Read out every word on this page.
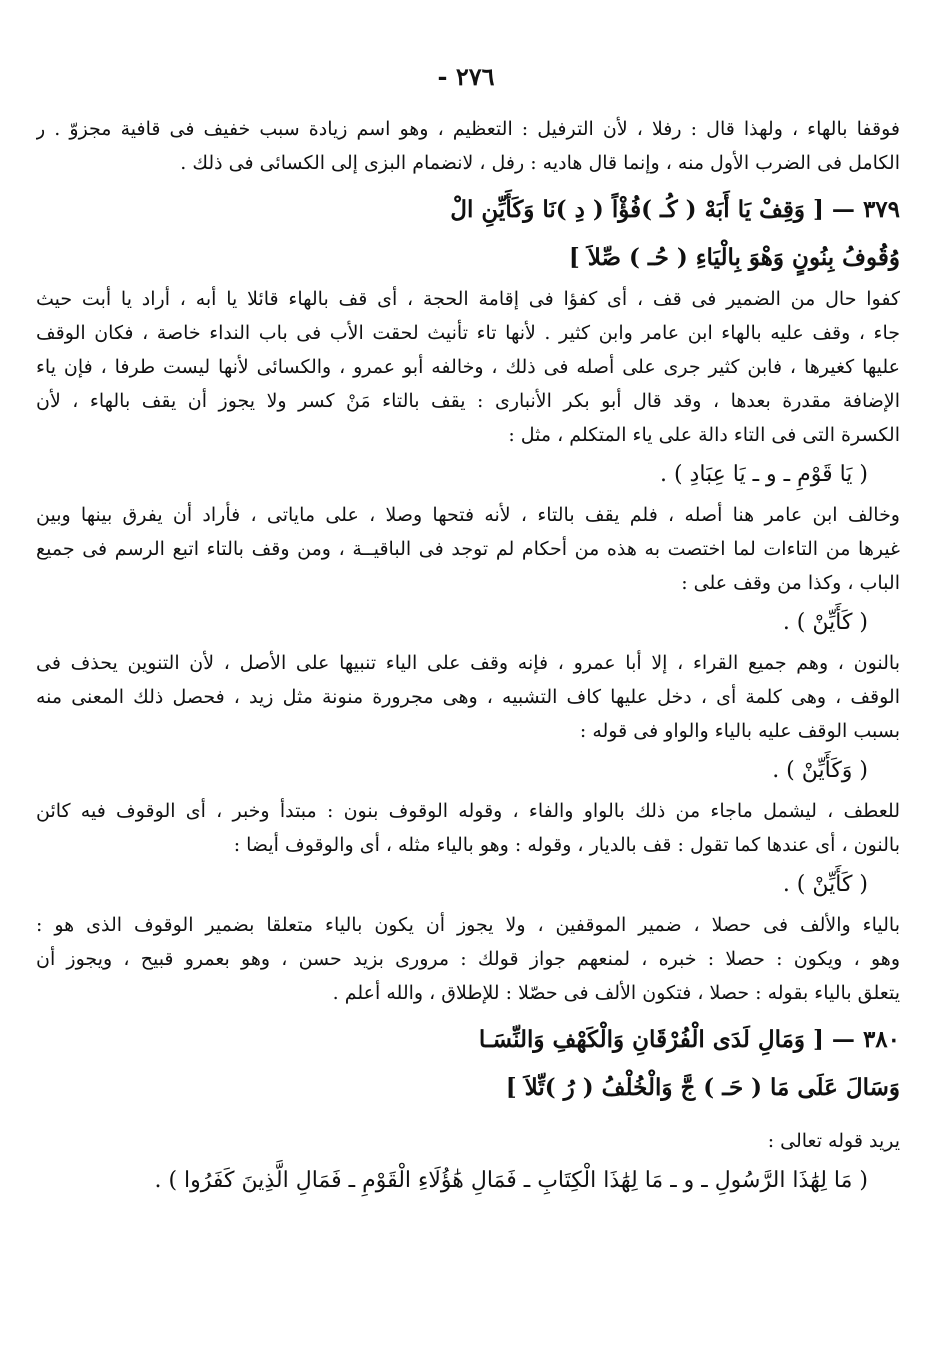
- ٢٧٦
فوقفا بالهاء ، ولهذا قال : رفلا ، لأن الترفيل : التعظيم ، وهو اسم زيادة سبب خفيف فى قافية مجزوّ . ر
الكامل فى الضرب الأول منه ، وإنما قال هاديه : رفل ، لانضمام البزى إلى الكسائى فى ذلك .
٣٧٩ — [ وَقِفْ يَا أَبَهْ ( كُـ )فُؤْاً ( دِ )نَا وَكَأَيِّنِ الْ
وُقُوفُ بِنُونٍ وَهْوَ بِالْيَاءِ ( حُـ ) صِّلاَ ]
كفوا حال من الضمير فى قف ، أى كفؤا فى إقامة الحجة ، أى قف بالهاء قائلا يا أبه ، أراد يا أبت حيث
جاء ، وقف عليه بالهاء ابن عامر وابن كثير . لأنها تاء تأنيث لحقت الأب فى باب النداء خاصة ، فكان الوقف
عليها كغيرها ، فابن كثير جرى على أصله فى ذلك ، وخالفه أبو عمرو ، والكسائى لأنها ليست طرفا ، فإن ياء
الإضافة مقدرة بعدها ، وقد قال أبو بكر الأنبارى : يقف بالتاء مَنْ كسر ولا يجوز أن يقف بالهاء ، لأن
الكسرة التى فى التاء دالة على ياء المتكلم ، مثل :
( يَا قَوْمِ ـ و ـ يَا عِبَادِ ) .
وخالف ابن عامر هنا أصله ، فلم يقف بالتاء ، لأنه فتحها وصلا ، على ماياتى ، فأراد أن يفرق بينها وبين
غيرها من التاءات لما اختصت به هذه من أحكام لم توجد فى الباقيــة ، ومن وقف بالتاء اتبع الرسم فى جميع
الباب ، وكذا من وقف على :
( كَأَيِّنْ ) .
بالنون ، وهم جميع القراء ، إلا أبا عمرو ، فإنه وقف على الياء تنبيها على الأصل ، لأن التنوين يحذف فى
الوقف ، وهى كلمة أى ، دخل عليها كاف التشبيه ، وهى مجرورة منونة مثل زيد ، فحصل ذلك المعنى منه
بسبب الوقف عليه بالياء والواو فى قوله :
( وَكَأَيِّنْ ) .
للعطف ، ليشمل ماجاء من ذلك بالواو والفاء ، وقوله الوقوف بنون : مبتدأ وخبر ، أى الوقوف فيه كائن
بالنون ، أى عندها كما تقول : قف بالديار ، وقوله : وهو بالياء مثله ، أى والوقوف أيضا :
( كَأَيِّنْ ) .
بالياء والألف فى حصلا ، ضمير الموقفين ، ولا يجوز أن يكون بالياء متعلقا بضمير الوقوف الذى هو :
وهو ، ويكون : حصلا : خبره ، لمنعهم جواز قولك : مرورى بزيد حسن ، وهو بعمرو قبيح ، ويجوز أن
يتعلق بالياء بقوله : حصلا ، فتكون الألف فى حصّلا : للإطلاق ، والله أعلم .
٣٨٠ — [ وَمَالِ لَدَى الْفُرْقَانِ وَالْكَهْفِ وَالنِّسَـا
وَسَالَ عَلَى مَا ( حَـ ) جَّ وَالْخُلْفُ ( رُ )تِّلاَ ]
يريد قوله تعالى :
( مَا لِهَٰذَا الرَّسُولِ ـ و ـ مَا لِهَٰذَا الْكِتَابِ ـ فَمَالِ هَٰؤُلَاءِ الْقَوْمِ ـ فَمَالِ الَّذِينَ كَفَرُوا ) .
